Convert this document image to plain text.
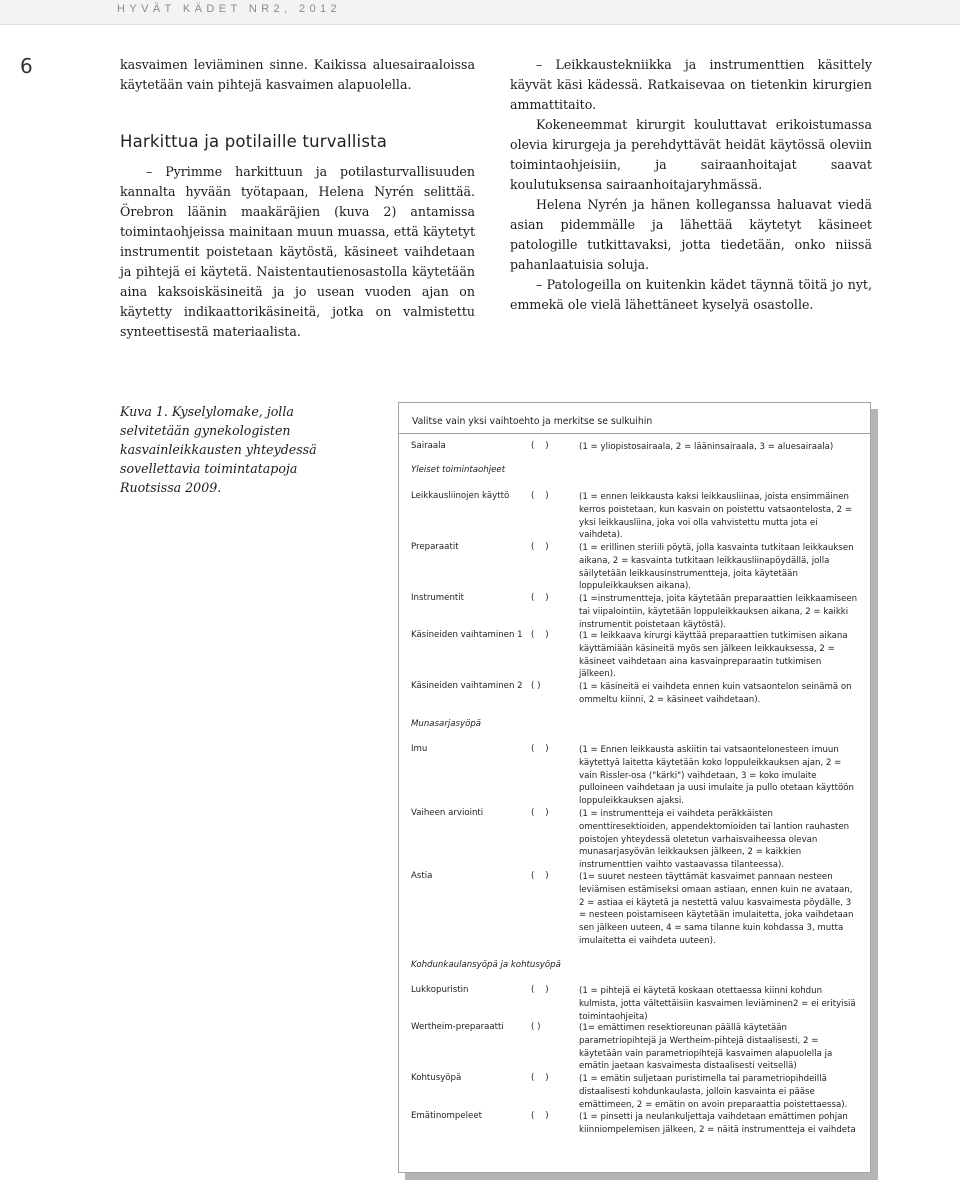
HYVÄT KÄDET NR2, 2012
6	kasvaimen leviäminen sinne. Kaikissa aluesairaaloissa käytetään vain pihtejä kasvaimen alapuolella.

Harkittua ja potilaille turvallista

– Pyrimme harkittuun ja potilasturvallisuuden kannalta hyvään työtapaan, Helena Nyrén selittää. Örebron läänin maakäräjien (kuva 2) antamissa toimintaohjeissa mainitaan muun muassa, että käytetyt instrumentit poistetaan käytöstä, käsineet vaihdetaan ja pihtejä ei käytetä. Naistentautienosastolla käytetään aina kaksoiskäsineitä ja jo usean vuoden ajan on käytetty indikaattorikäsineitä, jotka on valmistettu synteettisestä materiaalista.

– Leikkaustekniikka ja instrumenttien käsittely käyvät käsi kädessä. Ratkaisevaa on tietenkin kirurgien ammattitaito.

Kokeneemmat kirurgit kouluttavat erikoistumassa olevia kirurgeja ja perehdyttävät heidät käytössä oleviin toimintaohjeisiin, ja sairaanhoitajat saavat koulutuksensa sairaanhoitajaryhmässä.

Helena Nyrén ja hänen kolleganssa haluavat viedä asian pidemmälle ja lähettää käytetyt käsineet patologille tutkittavaksi, jotta tiedetään, onko niissä pahanlaatuisia soluja.

– Patologeilla on kuitenkin kädet täynnä töitä jo nyt, emmekä ole vielä lähettäneet kyselyä osastolle.

Kuva 1. Kyselylomake, jolla selvitetään gynekologisten kasvainleikkausten yhteydessä sovellettavia toimintatapoja Ruotsissa 2009.
Valitse vain yksi vaihtoehto ja merkitse se sulkuihin
Sairaala	(    )	(1 = yliopistosairaala, 2 = lääninsairaala, 3 = aluesairaala)
Yleiset toimintaohjeet
Leikkausliinojen käyttö	(    )	(1 = ennen leikkausta kaksi leikkausliinaa, joista ensimmäinen kerros poistetaan, kun kasvain on poistettu vatsaontelosta, 2 = yksi leikkausliina, joka voi olla vahvistettu mutta jota ei vaihdeta).
Preparaatit	(    )	(1 = erillinen steriili pöytä, jolla kasvainta tutkitaan leikkauksen aikana, 2 = kasvainta tutkitaan leikkausliinapöydällä, jolla säilytetään leikkausinstrumentteja, joita käytetään loppuleikkauksen aikana).
Instrumentit	(    )	(1 =instrumentteja, joita käytetään preparaattien leikkaamiseen tai viipalointiin, käytetään loppuleikkauksen aikana, 2 = kaikki instrumentit poistetaan käytöstä).
Käsineiden vaihtaminen 1 (    )	(1 = leikkaava kirurgi käyttää preparaattien tutkimisen aikana käyttämiään käsineitä myös sen jälkeen leikkauksessa, 2 = käsineet vaihdetaan aina kasvainpreparaatin tutkimisen jälkeen).
Käsineiden vaihtaminen 2 ( )	(1 = käsineitä ei vaihdeta ennen kuin vatsaontelon seinämä on ommeltu kiinni, 2 = käsineet vaihdetaan).
Munasarjasyöpä
Imu	(    )	(1 = Ennen leikkausta askiitin tai vatsaontelonesteen imuun käytettyä laitetta käytetään koko loppuleikkauksen ajan, 2 = vain Rissler-osa ("kärki") vaihdetaan, 3 = koko imulaite pulloineen vaihdetaan ja uusi imulaite ja pullo otetaan käyttöön loppuleikkauksen ajaksi.
Vaiheen arviointi	(    )	(1 = instrumentteja ei vaihdeta peräkkäisten omenttiresektioiden, appendektomioiden tai lantion rauhasten poistojen yhteydessä oletetun varhaisvaiheessa olevan munasarjasyövän leikkauksen jälkeen, 2 = kaikkien instrumenttien vaihto vastaavassa tilanteessa).
Astia	(    )	(1= suuret nesteen täyttämät kasvaimet pannaan nesteen leviämisen estämiseksi omaan astiaan, ennen kuin ne avataan, 2 = astiaa ei käytetä ja nestettä valuu kasvaimesta pöydälle, 3 = nesteen poistamiseen käytetään imulaitetta, joka vaihdetaan sen jälkeen uuteen, 4 = sama tilanne kuin kohdassa 3, mutta imulaitetta ei vaihdeta uuteen).
Kohdunkaulansyöpä ja kohtusyöpä
Lukkopuristin	(    )	(1 = pihtejä ei käytetä koskaan otettaessa kiinni kohdun kulmista, jotta vältettäisiin kasvaimen leviäminen2 = ei erityisiä toimintaohjeita)
Wertheim-preparaatti	( )	(1= emättimen resektioreunan päällä käytetään parametriopihtejä ja Wertheim-pihtejä distaalisesti, 2 = käytetään vain parametriopihtejä kasvaimen alapuolella ja emätin jaetaan kasvaimesta distaalisesti veitsellä)
Kohtusyöpä	(    )	(1 = emätin suljetaan puristimella tai parametriopihdeillä distaalisesti kohdunkaulasta, jolloin kasvainta ei pääse emättimeen, 2 = emätin on avoin preparaattia poistettaessa).
Emätinompeleet	(    )	(1 = pinsetti ja neulankuljettaja vaihdetaan emättimen pohjan kiinniompelemisen jälkeen, 2 = näitä instrumentteja ei vaihdeta
